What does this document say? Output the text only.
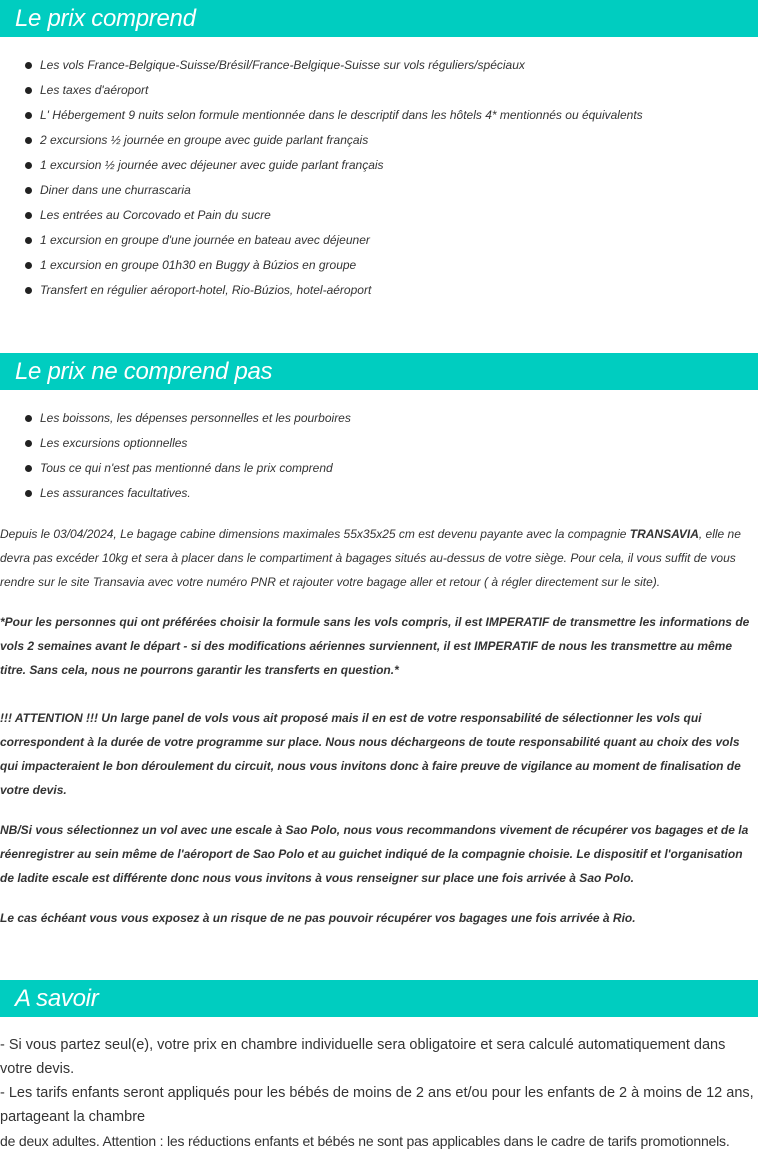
Le prix comprend
Les vols France-Belgique-Suisse/Brésil/France-Belgique-Suisse sur vols réguliers/spéciaux
Les taxes d'aéroport
L' Hébergement 9 nuits selon formule mentionnée dans le descriptif dans les hôtels 4* mentionnés ou équivalents
2 excursions ½ journée en groupe avec guide parlant français
1 excursion ½ journée avec déjeuner avec guide parlant français
Diner dans une churrascaria
Les entrées au Corcovado et Pain du sucre
1 excursion en groupe d'une journée en bateau avec déjeuner
1 excursion en groupe 01h30 en Buggy à Búzios en groupe
Transfert en régulier aéroport-hotel, Rio-Búzios, hotel-aéroport
Le prix ne comprend pas
Les boissons, les dépenses personnelles et les pourboires
Les excursions optionnelles
Tous ce qui n'est pas mentionné dans le prix comprend
Les assurances facultatives.

Depuis le 03/04/2024, Le bagage cabine dimensions maximales 55x35x25 cm est devenu payante avec la compagnie TRANSAVIA, elle ne devra pas excéder 10kg et sera à placer dans le compartiment à bagages situés au-dessus de votre siège. Pour cela, il vous suffit de vous rendre sur le site Transavia avec votre numéro PNR et rajouter votre bagage aller et retour ( à régler directement sur le site).

*Pour les personnes qui ont préférées choisir la formule sans les vols compris, il est IMPERATIF de transmettre les informations de vols 2 semaines avant le départ - si des modifications aériennes surviennent, il est IMPERATIF de nous les transmettre au même titre. Sans cela, nous ne pourrons garantir les transferts en question.*

!!! ATTENTION !!! Un large panel de vols vous ait proposé mais il en est de votre responsabilité de sélectionner les vols qui correspondent à la durée de votre programme sur place. Nous nous déchargeons de toute responsabilité quant au choix des vols qui impacteraient le bon déroulement du circuit, nous vous invitons donc à faire preuve de vigilance au moment de finalisation de votre devis.

NB/Si vous sélectionnez un vol avec une escale à Sao Polo, nous vous recommandons vivement de récupérer vos bagages et de la réenregistrer au sein même de l'aéroport de Sao Polo et au guichet indiqué de la compagnie choisie. Le dispositif et l'organisation de ladite escale est différente donc nous vous invitons à vous renseigner sur place une fois arrivée à Sao Polo.

Le cas échéant vous vous exposez à un risque de ne pas pouvoir récupérer vos bagages une fois arrivée à Rio.

A savoir

- Si vous partez seul(e), votre prix en chambre individuelle sera obligatoire et sera calculé automatiquement dans votre devis.

- Les tarifs enfants seront appliqués pour les bébés de moins de 2 ans et/ou pour les enfants de 2 à moins de 12 ans, partageant la chambre

de deux adultes. Attention : les réductions enfants et bébés ne sont pas applicables dans le cadre de tarifs promotionnels.
